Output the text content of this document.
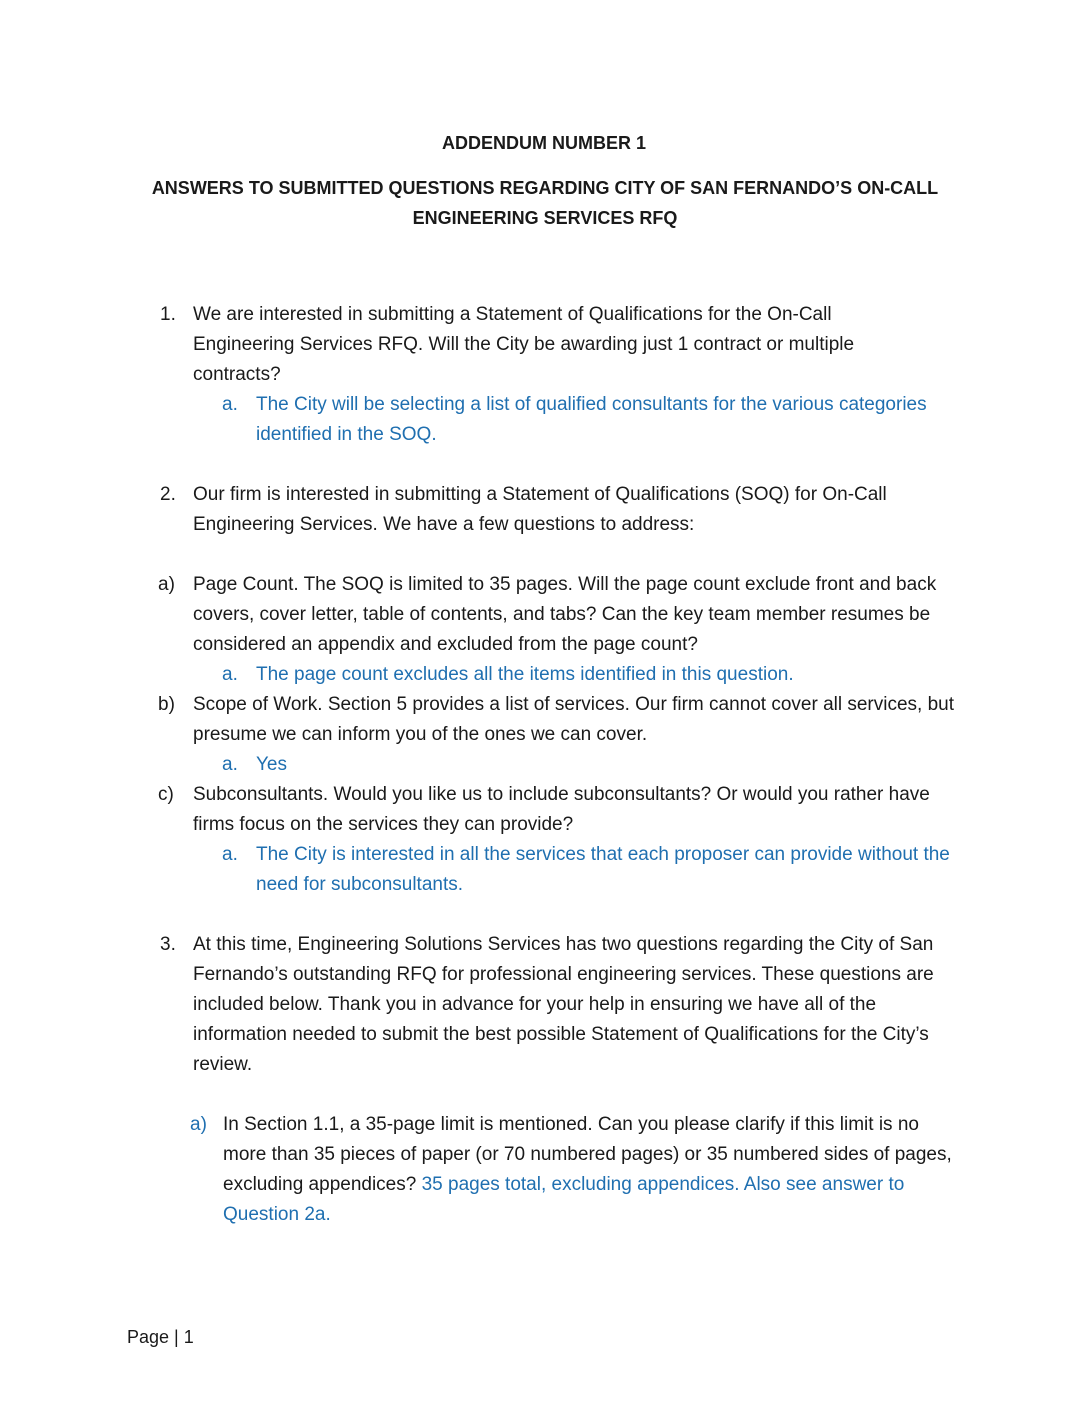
ADDENDUM NUMBER 1
ANSWERS TO SUBMITTED QUESTIONS REGARDING CITY OF SAN FERNANDO’S ON-CALL ENGINEERING SERVICES RFQ
1. We are interested in submitting a Statement of Qualifications for the On-Call Engineering Services RFQ. Will the City be awarding just 1 contract or multiple contracts?
a. The City will be selecting a list of qualified consultants for the various categories identified in the SOQ.
2. Our firm is interested in submitting a Statement of Qualifications (SOQ) for On-Call Engineering Services. We have a few questions to address:
a) Page Count. The SOQ is limited to 35 pages. Will the page count exclude front and back covers, cover letter, table of contents, and tabs? Can the key team member resumes be considered an appendix and excluded from the page count?
a. The page count excludes all the items identified in this question.
b) Scope of Work. Section 5 provides a list of services. Our firm cannot cover all services, but presume we can inform you of the ones we can cover.
a. Yes
c) Subconsultants. Would you like us to include subconsultants? Or would you rather have firms focus on the services they can provide?
a. The City is interested in all the services that each proposer can provide without the need for subconsultants.
3. At this time, Engineering Solutions Services has two questions regarding the City of San Fernando’s outstanding RFQ for professional engineering services. These questions are included below. Thank you in advance for your help in ensuring we have all of the information needed to submit the best possible Statement of Qualifications for the City’s review.
a) In Section 1.1, a 35-page limit is mentioned. Can you please clarify if this limit is no more than 35 pieces of paper (or 70 numbered pages) or 35 numbered sides of pages, excluding appendices? 35 pages total, excluding appendices. Also see answer to Question 2a.
Page | 1
